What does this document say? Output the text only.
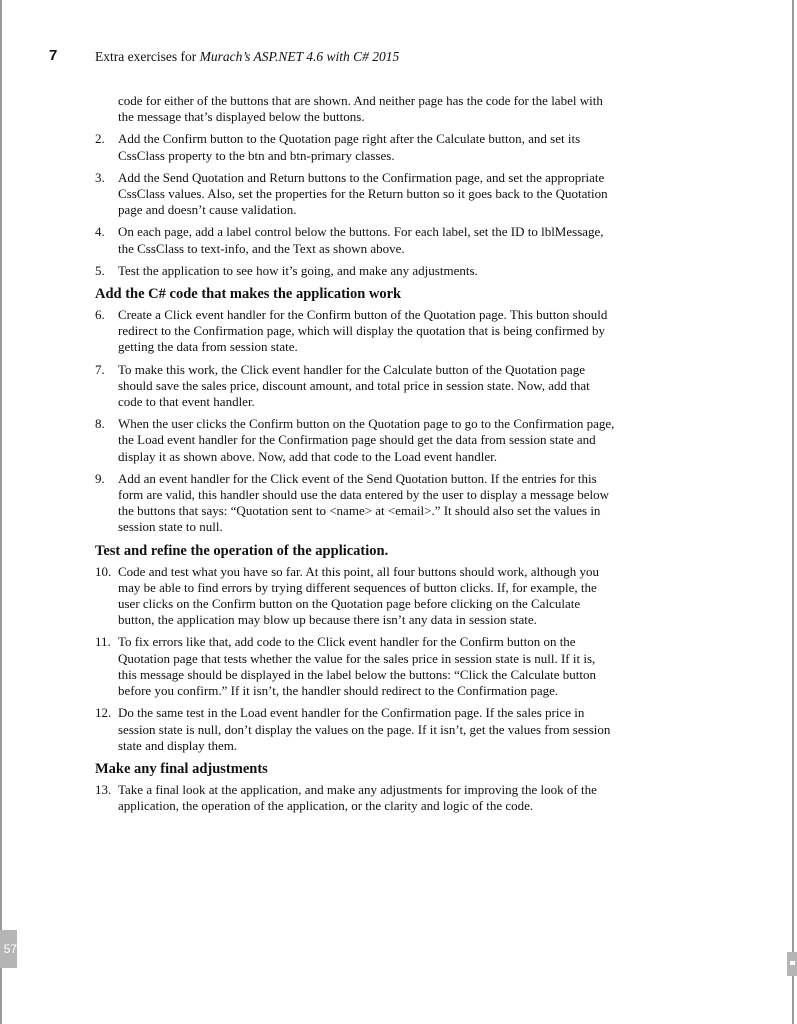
57
7	Extra exercises for Murach’s ASP.NET 4.6 with C# 2015

code for either of the buttons that are shown. And neither page has the code for the label with the message that’s displayed below the buttons.

2. Add the Confirm button to the Quotation page right after the Calculate button, and set its CssClass property to the btn and btn-primary classes.
3. Add the Send Quotation and Return buttons to the Confirmation page, and set the appropriate CssClass values. Also, set the properties for the Return button so it goes back to the Quotation page and doesn’t cause validation.
4. On each page, add a label control below the buttons. For each label, set the ID to lblMessage, the CssClass to text-info, and the Text as shown above.
5. Test the application to see how it’s going, and make any adjustments.
Add the C# code that makes the application work
6. Create a Click event handler for the Confirm button of the Quotation page. This button should redirect to the Confirmation page, which will display the quotation that is being confirmed by getting the data from session state.
7. To make this work, the Click event handler for the Calculate button of the Quotation page should save the sales price, discount amount, and total price in session state. Now, add that code to that event handler.
8. When the user clicks the Confirm button on the Quotation page to go to the Confirmation page, the Load event handler for the Confirmation page should get the data from session state and display it as shown above. Now, add that code to the Load event handler.
9. Add an event handler for the Click event of the Send Quotation button. If the entries for this form are valid, this handler should use the data entered by the user to display a message below the buttons that says: “Quotation sent to <name> at <email>.” It should also set the values in session state to null.
Test and refine the operation of the application.
10. Code and test what you have so far. At this point, all four buttons should work, although you may be able to find errors by trying different sequences of button clicks. If, for example, the user clicks on the Confirm button on the Quotation page before clicking on the Calculate button, the application may blow up because there isn’t any data in session state.
11. To fix errors like that, add code to the Click event handler for the Confirm button on the Quotation page that tests whether the value for the sales price in session state is null. If it is, this message should be displayed in the label below the buttons: “Click the Calculate button before you confirm.” If it isn’t, the handler should redirect to the Confirmation page.
12. Do the same test in the Load event handler for the Confirmation page. If the sales price in session state is null, don’t display the values on the page. If it isn’t, get the values from session state and display them.
Make any final adjustments
13. Take a final look at the application, and make any adjustments for improving the look of the application, the operation of the application, or the clarity and logic of the code.
